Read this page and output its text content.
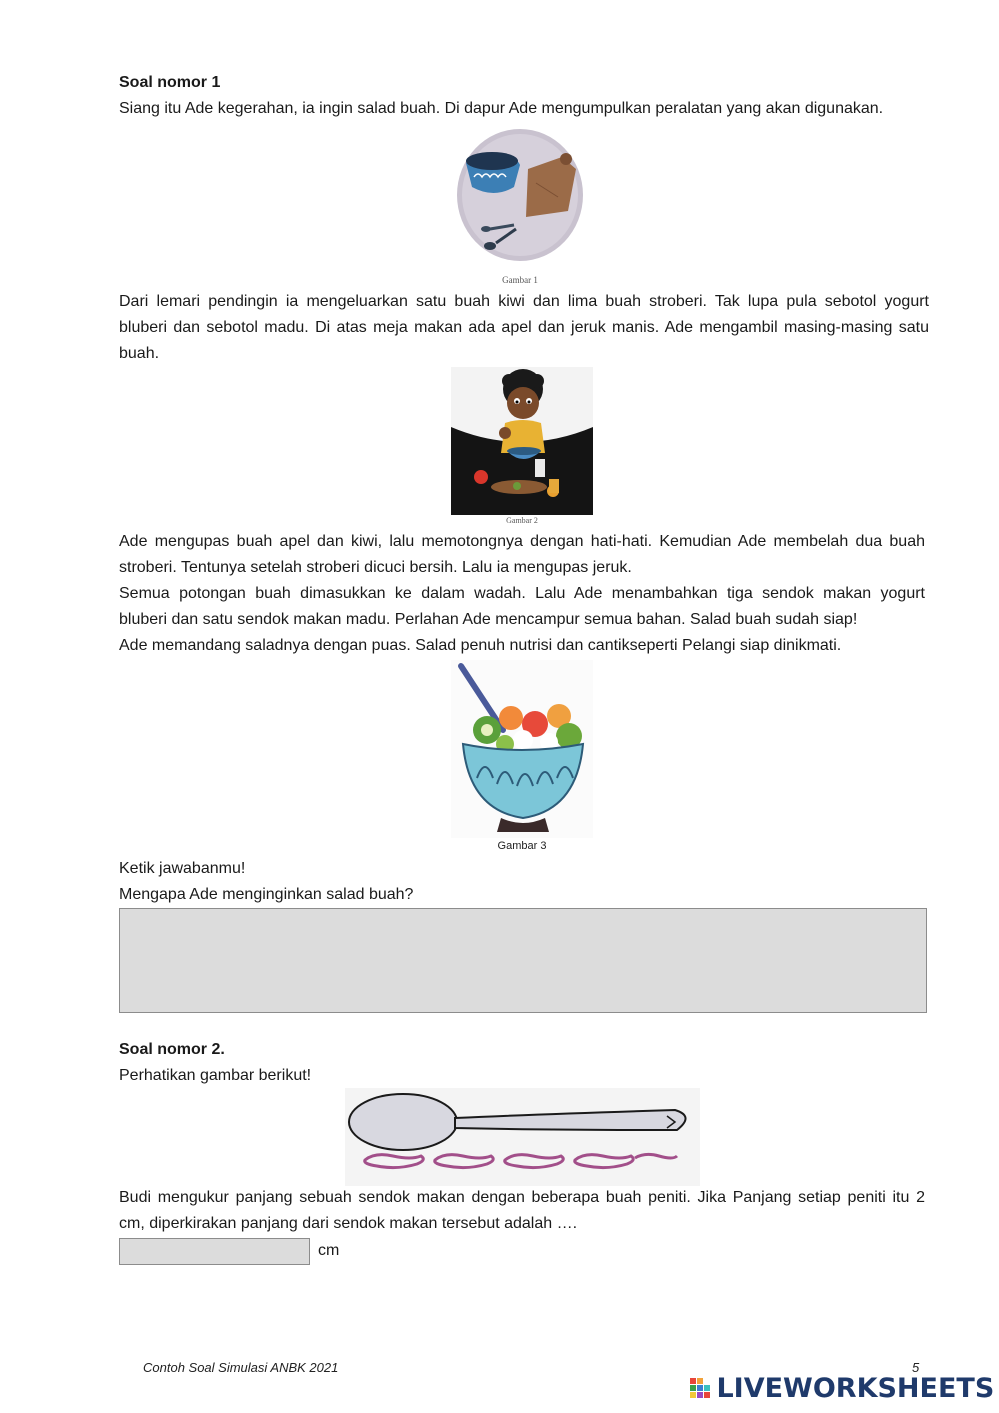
Soal nomor 1
Siang itu Ade kegerahan, ia ingin salad buah. Di dapur Ade mengumpulkan peralatan yang akan digunakan.
Gambar 1
Dari lemari pendingin ia mengeluarkan satu buah kiwi dan lima buah stroberi. Tak lupa pula sebotol yogurt
bluberi dan sebotol madu. Di atas meja makan ada apel dan jeruk manis. Ade mengambil masing-masing satu
buah.
Gambar 2
Ade mengupas buah apel dan kiwi, lalu memotongnya dengan hati-hati. Kemudian Ade membelah dua buah
stroberi. Tentunya setelah stroberi dicuci bersih. Lalu ia mengupas jeruk.
Semua potongan buah dimasukkan ke dalam wadah. Lalu Ade menambahkan tiga sendok makan yogurt
bluberi dan satu sendok makan madu. Perlahan Ade mencampur semua bahan. Salad buah sudah siap!
Ade memandang saladnya dengan puas. Salad penuh nutrisi dan cantikseperti Pelangi siap dinikmati.
Gambar 3
Ketik jawabanmu!
Mengapa Ade menginginkan salad buah?
Soal nomor 2.
Perhatikan gambar berikut!
Budi mengukur panjang sebuah sendok makan dengan beberapa buah peniti. Jika Panjang setiap peniti itu 2
cm, diperkirakan panjang dari sendok makan tersebut adalah ….
cm
Contoh Soal Simulasi ANBK 2021	5
LIVEWORKSHEETS
